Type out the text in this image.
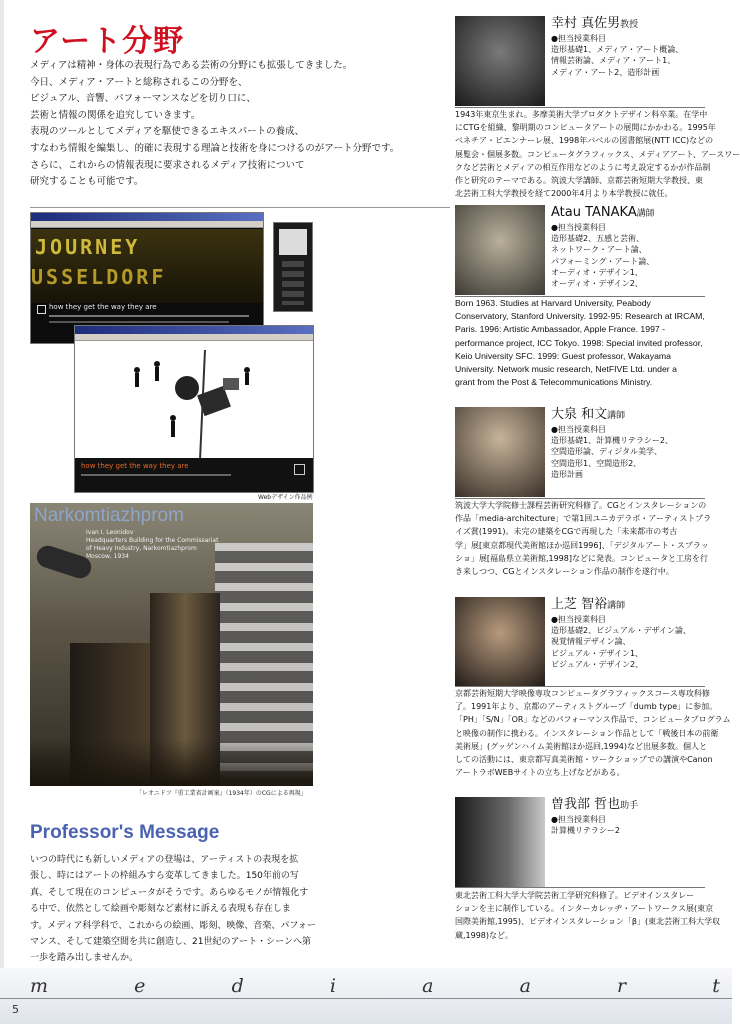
アート分野

メディアは精神・身体の表現行為である芸術の分野にも拡張してきました。

今日、メディア・アートと総称されるこの分野を、

ビジュアル、音響、パフォーマンスなどを切り口に、

芸術と情報の関係を追究していきます。

表現のツールとしてメディアを駆使できるエキスパートの養成、

すなわち情報を編集し、的確に表現する理論と技術を身につけるのがアート分野です。

さらに、これからの情報表現に要求されるメディア技術について

研究することも可能です。

JOURNEY
USSELDORF
how they get the way they are
how they get the way they are
Webデザイン作品例
Narkomtiazhprom
Ivan I. Leonidov
Headquarters Building for the Commissariat
of Heavy Industry, Narkomtiazhprom
Moscow, 1934
「レオニドフ『重工業省計画案』（1934年）のCGによる再現」
Professor's Message

いつの時代にも新しいメディアの登場は、アーティストの表現を拡

張し、時にはアートの枠組みすら変革してきました。150年前の写

真、そして現在のコンピュータがそうです。あらゆるモノが情報化す

る中で、依然として絵画や彫刻など素材に訴える表現も存在しま

す。メディア科学科で、これからの絵画、彫刻、映像、音楽、パフォー

マンス、そして建築空間を共に創造し、21世紀のアート・シーンへ第

一歩を踏み出しませんか。

幸村 真佐男教授
●担当授業科目
造形基礎1、メディア・アート概論、
情報芸術論、メディア・アート1、
メディア・アート2、造形計画
1943年東京生まれ。多摩美術大学プロダクトデザイン科卒業。在学中
にCTGを組織、黎明期のコンピュータアートの展開にかかわる。1995年
ベネチア・ビエンナーレ展、1998年バベルの図書館展(NTT ICC)などの
展覧会・個展多数。コンピュータグラフィックス、メディアアート、アースワー
クなど芸術とメディアの相互作用などのように考え設定するかが作品制
作と研究のテーマである。筑波大学講師、京都芸術短期大学教授、東
北芸術工科大学教授を経て2000年4月より本学教授に就任。
Atau TANAKA講師
●担当授業科目
造形基礎2、五感と芸術、
ネットワーク・アート論、
パフォーミング・アート論、
オーディオ・デザイン1、
オーディオ・デザイン2、
Born 1963. Studies at Harvard University, Peabody
Conservatory, Stanford University. 1992-95: Research at IRCAM,
Paris. 1996: Artistic Ambassador, Apple France. 1997 -
performance project, ICC Tokyo. 1998: Special invited professor,
Keio University SFC. 1999: Guest professor, Wakayama
University. Network music research, NetFIVE Ltd. under a
grant from the Post & Telecommunications Ministry.
大泉 和文講師
●担当授業科目
造形基礎1、計算機リテラシー2、
空間造形論、ディジタル美学、
空間造形1、空間造形2、
造形計画
筑波大学大学院修士課程芸術研究科修了。CGとインスタレーションの
作品「media-architecture」で第1回ユニカデラボ・アーティストプラ
イズ賞(1991)。未完の建築をCGで再現した「未来都市の考古
学」展[東京都現代美術館ほか巡回1996]、「デジタルアート・スプラッ
ショ」展[福島県立美術館,1998]などに発表。コンピュータと工房を行
き来しつつ、CGとインスタレーション作品の制作を遂行中。
上芝 智裕講師
●担当授業科目
造形基礎2、ビジュアル・デザイン論、
視覚情報デザイン論、
ビジュアル・デザイン1、
ビジュアル・デザイン2、
京都芸術短期大学映像専攻コンピュータグラフィックスコース専攻科修
了。1991年より、京都のアーティストグループ「dumb type」に参加。
「PH」「S/N」「OR」などのパフォーマンス作品で、コンピュータプログラム
と映像の制作に携わる。インスタレーション作品として「戦後日本の前衛
美術展」(グッゲンハイム美術館ほか巡回,1994)など出展多数。個人と
しての活動には、東京都写真美術館・ワークショップでの講演やCanon
アートラボWEBサイトの立ち上げなどがある。
曽我部 哲也助手
●担当授業科目
計算機リテラシー2
東北芸術工科大学大学院芸術工学研究科修了。ビデオインスタレー
ションを主に制作している。インターカレッヂ・アートワークス展(東京
国際美術館,1995)、ビデオインスタレーション「β」(東北芸術工科大学収
蔵,1998)など。
m	e	d	i	a	a	r	t
5
